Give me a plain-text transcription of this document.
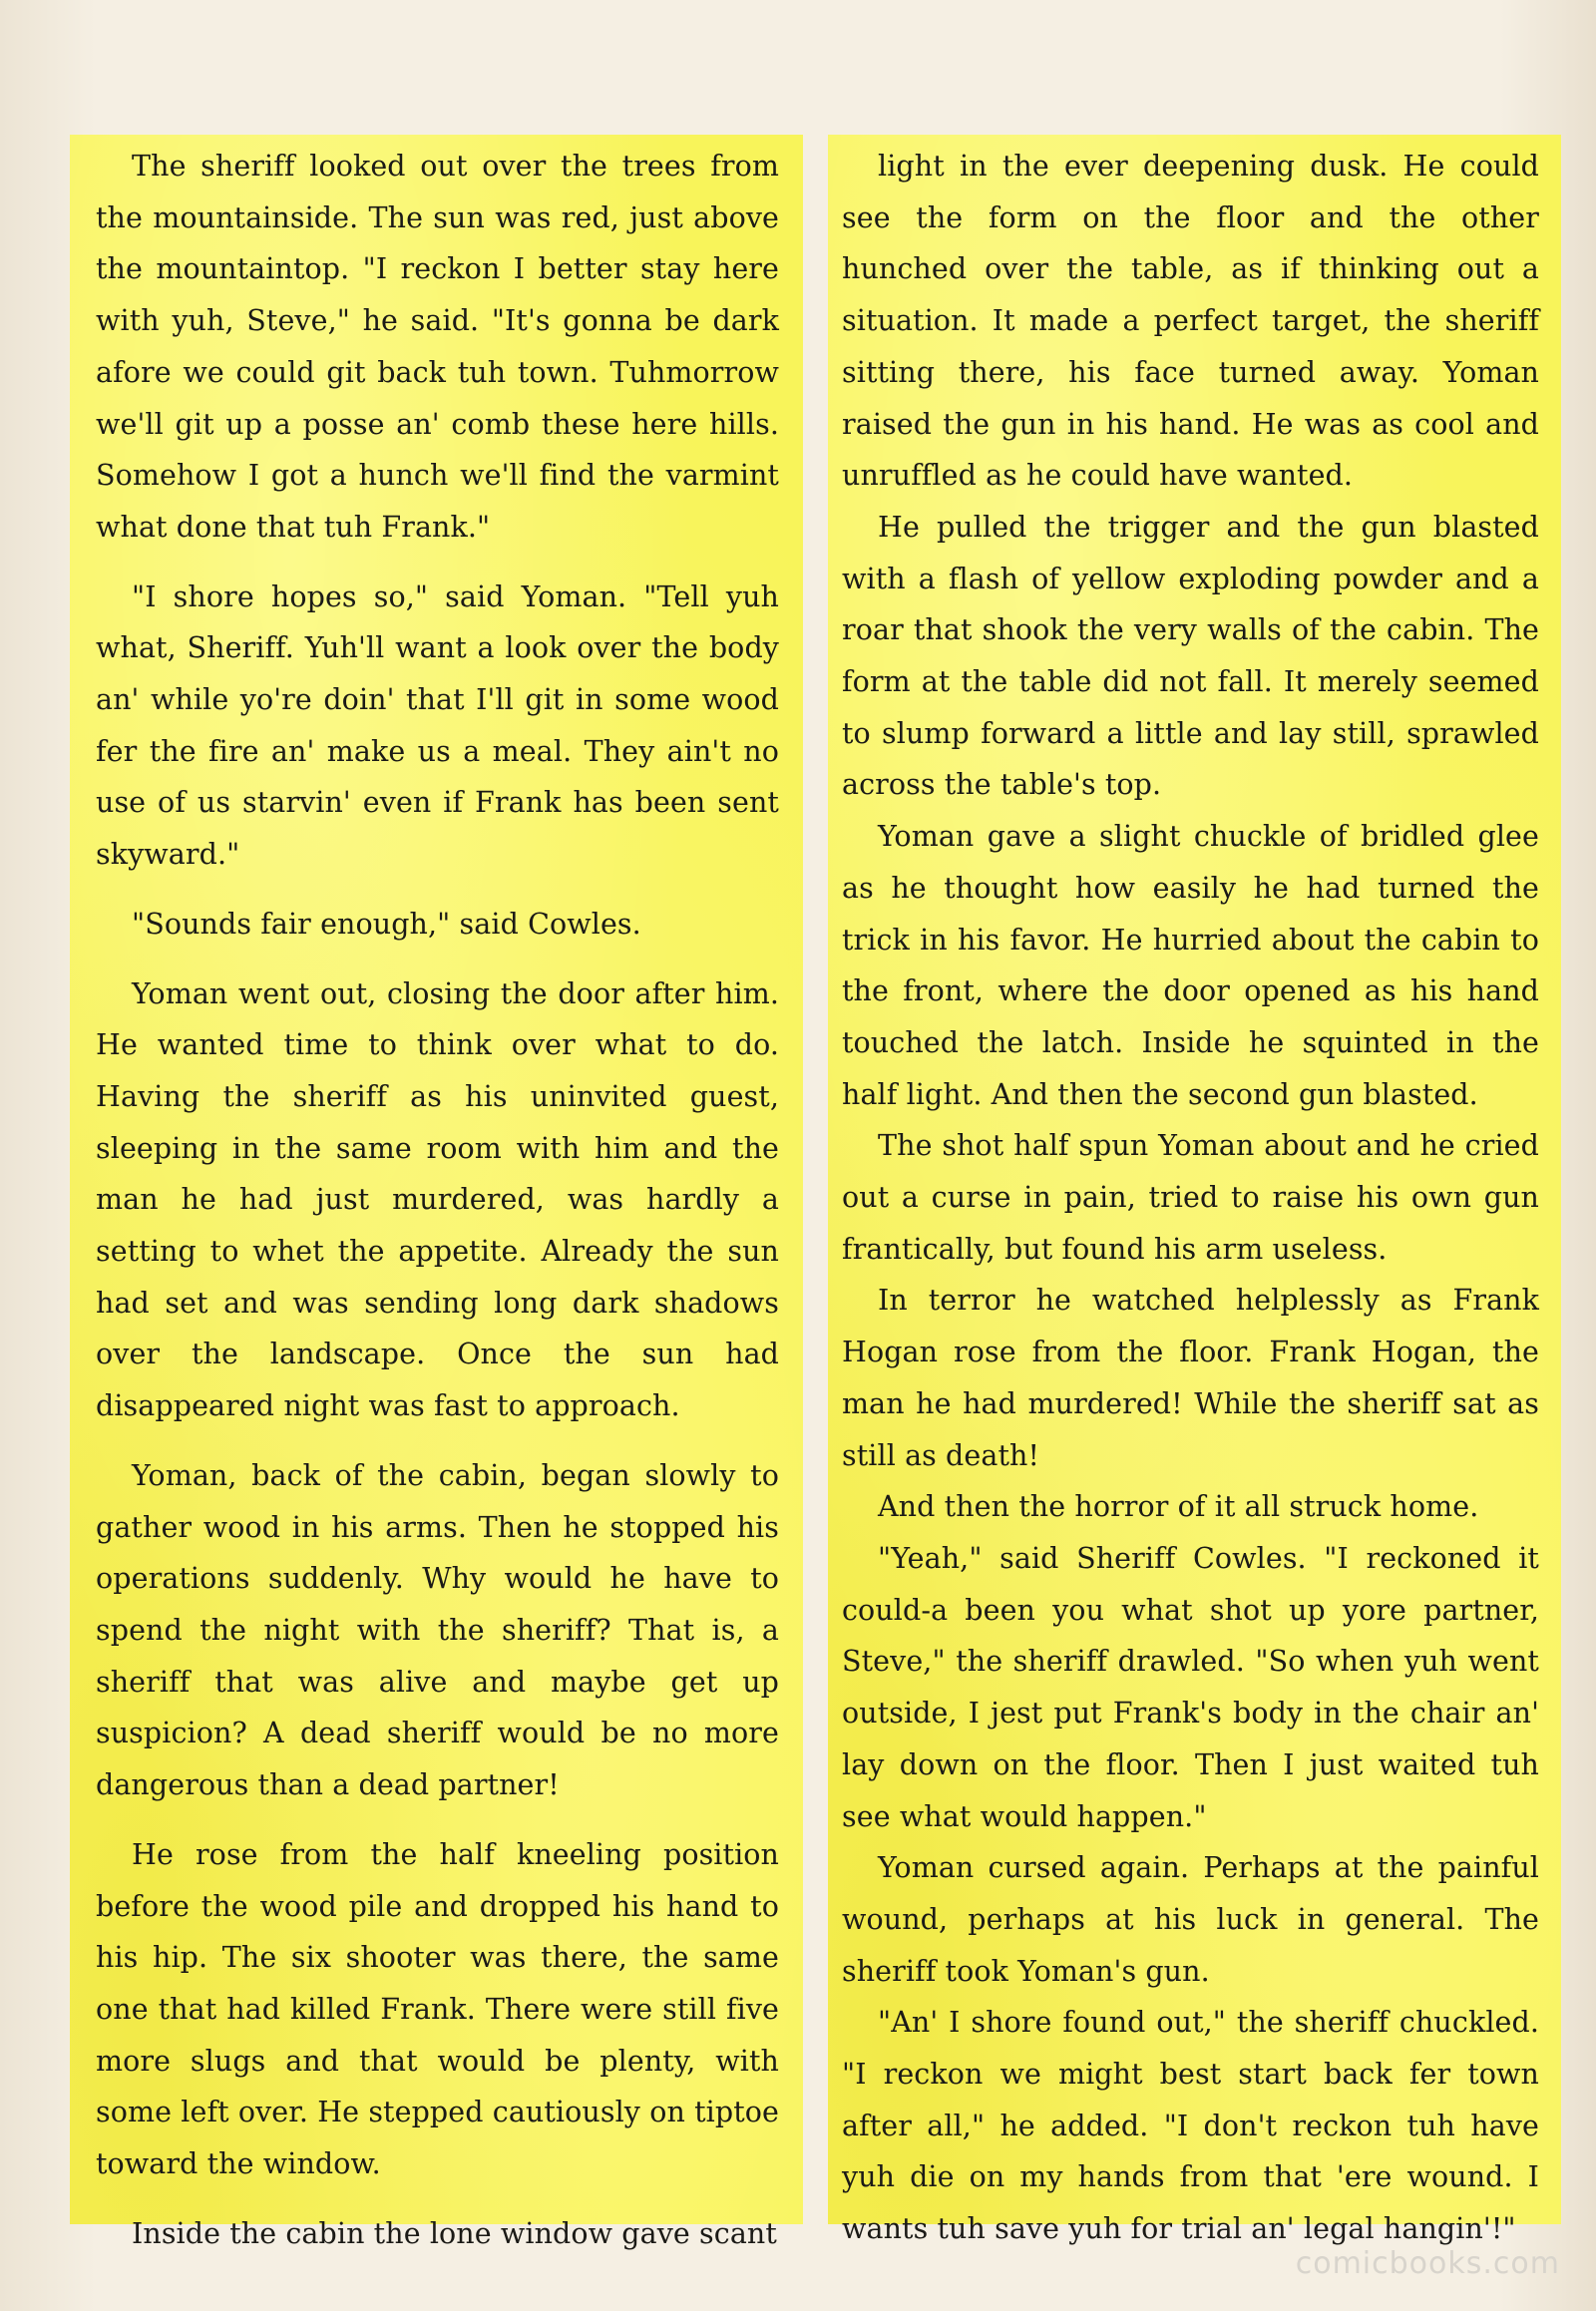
The sheriff looked out over the trees from the mountainside. The sun was red, just above the mountaintop. "I reckon I better stay here with yuh, Steve," he said. "It's gonna be dark afore we could git back tuh town. Tuhmorrow we'll git up a posse an' comb these here hills. Somehow I got a hunch we'll find the varmint what done that tuh Frank."

"I shore hopes so," said Yoman. "Tell yuh what, Sheriff. Yuh'll want a look over the body an' while yo're doin' that I'll git in some wood fer the fire an' make us a meal. They ain't no use of us starvin' even if Frank has been sent skyward."

"Sounds fair enough," said Cowles.

Yoman went out, closing the door after him. He wanted time to think over what to do. Having the sheriff as his uninvited guest, sleeping in the same room with him and the man he had just murdered, was hardly a setting to whet the appetite. Already the sun had set and was sending long dark shadows over the landscape. Once the sun had disappeared night was fast to approach.

Yoman, back of the cabin, began slowly to gather wood in his arms. Then he stopped his operations suddenly. Why would he have to spend the night with the sheriff? That is, a sheriff that was alive and maybe get up suspicion? A dead sheriff would be no more dangerous than a dead partner!

He rose from the half kneeling position before the wood pile and dropped his hand to his hip. The six shooter was there, the same one that had killed Frank. There were still five more slugs and that would be plenty, with some left over. He stepped cautiously on tiptoe toward the window.

Inside the cabin the lone window gave scant

light in the ever deepening dusk. He could see the form on the floor and the other hunched over the table, as if thinking out a situation. It made a perfect target, the sheriff sitting there, his face turned away. Yoman raised the gun in his hand. He was as cool and unruffled as he could have wanted.

He pulled the trigger and the gun blasted with a flash of yellow exploding powder and a roar that shook the very walls of the cabin. The form at the table did not fall. It merely seemed to slump forward a little and lay still, sprawled across the table's top.

Yoman gave a slight chuckle of bridled glee as he thought how easily he had turned the trick in his favor. He hurried about the cabin to the front, where the door opened as his hand touched the latch. Inside he squinted in the half light. And then the second gun blasted.

The shot half spun Yoman about and he cried out a curse in pain, tried to raise his own gun frantically, but found his arm useless.

In terror he watched helplessly as Frank Hogan rose from the floor. Frank Hogan, the man he had murdered! While the sheriff sat as still as death!

And then the horror of it all struck home.

"Yeah," said Sheriff Cowles. "I reckoned it could-a been you what shot up yore partner, Steve," the sheriff drawled. "So when yuh went outside, I jest put Frank's body in the chair an' lay down on the floor. Then I just waited tuh see what would happen."

Yoman cursed again. Perhaps at the painful wound, perhaps at his luck in general. The sheriff took Yoman's gun.

"An' I shore found out," the sheriff chuckled. "I reckon we might best start back fer town after all," he added. "I don't reckon tuh have yuh die on my hands from that 'ere wound. I wants tuh save yuh for trial an' legal hangin'!"

comicbooks.com
